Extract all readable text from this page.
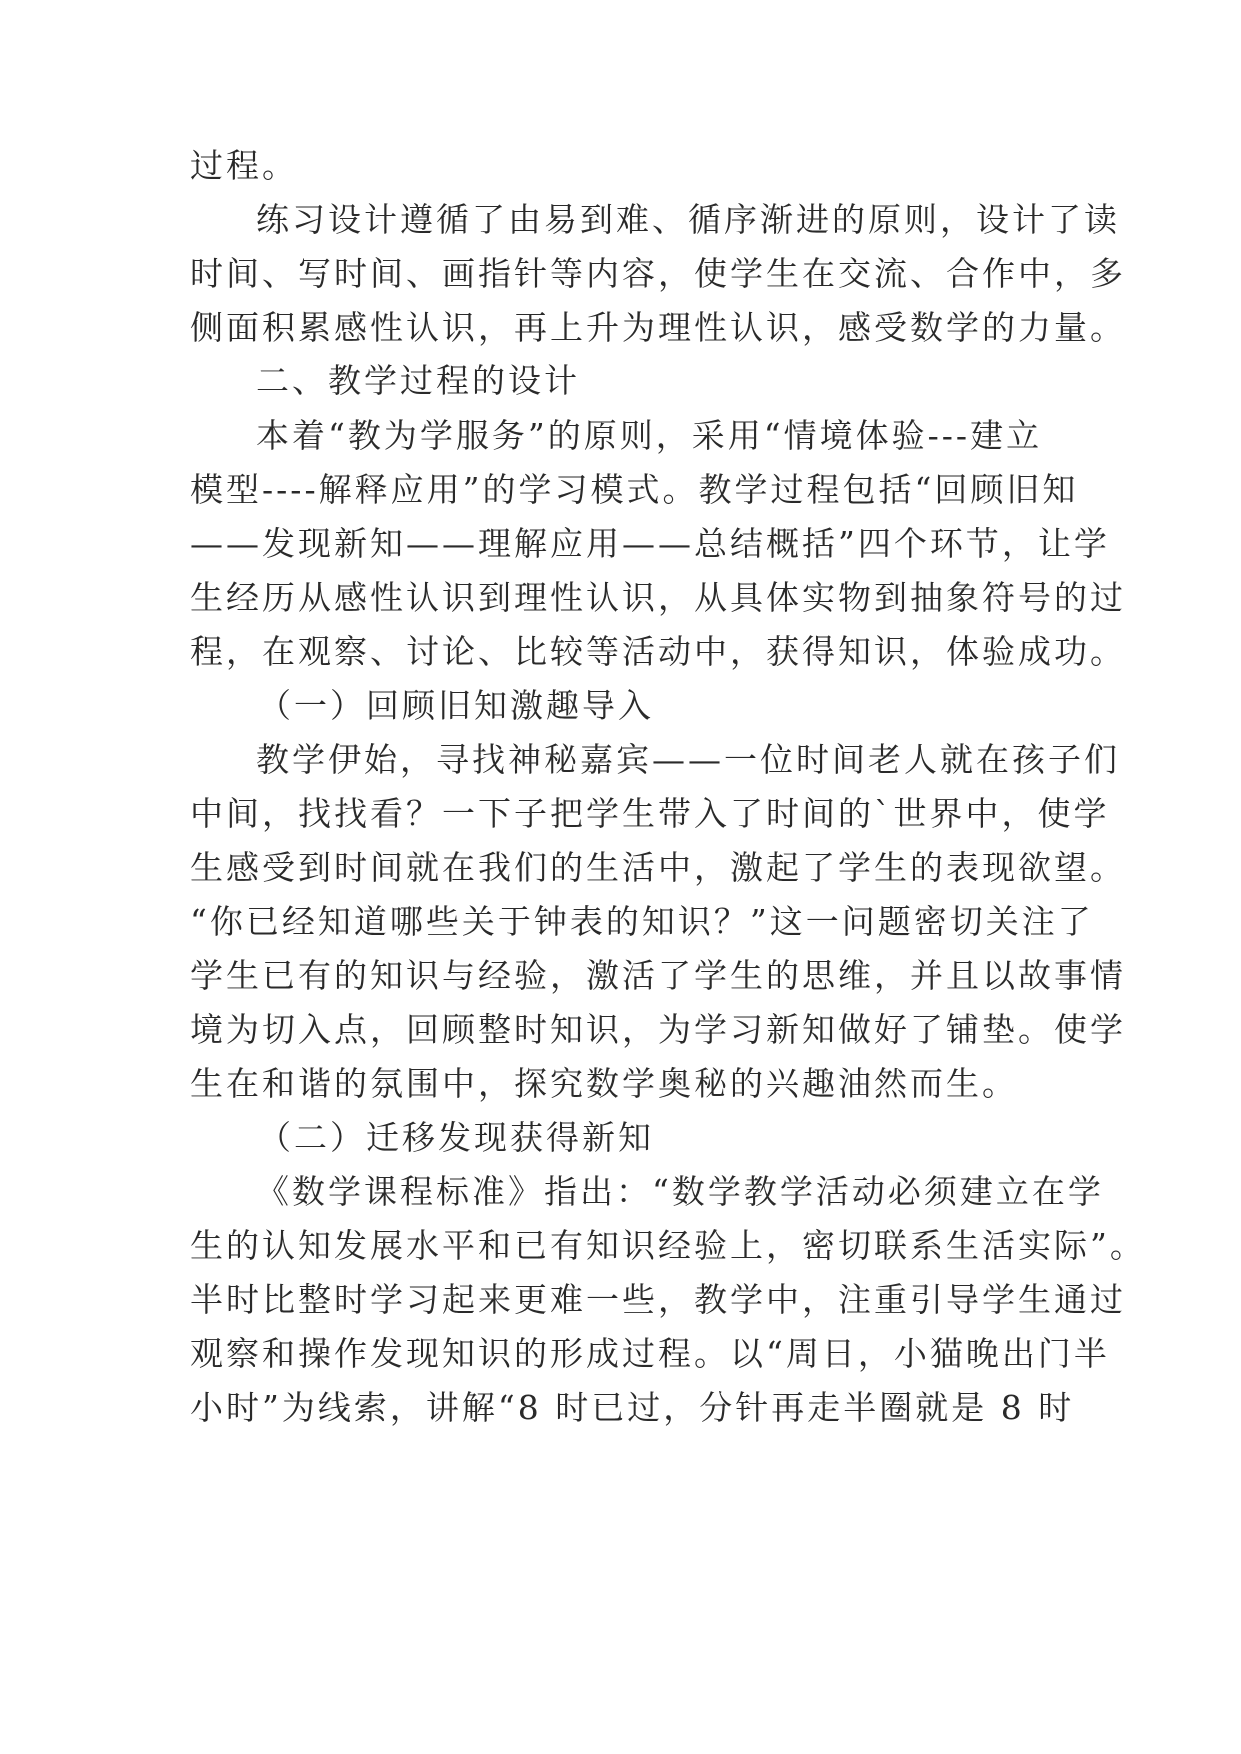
过程。
练习设计遵循了由易到难、循序渐进的原则，设计了读
时间、写时间、画指针等内容，使学生在交流、合作中，多
侧面积累感性认识，再上升为理性认识，感受数学的力量。
二、教学过程的设计
本着“教为学服务”的原则，采用“情境体验---建立
模型----解释应用”的学习模式。教学过程包括“回顾旧知
——发现新知——理解应用——总结概括”四个环节，让学
生经历从感性认识到理性认识，从具体实物到抽象符号的过
程，在观察、讨论、比较等活动中，获得知识，体验成功。
（一）回顾旧知激趣导入
教学伊始，寻找神秘嘉宾——一位时间老人就在孩子们
中间，找找看？一下子把学生带入了时间的`世界中，使学
生感受到时间就在我们的生活中，激起了学生的表现欲望。
“你已经知道哪些关于钟表的知识？”这一问题密切关注了
学生已有的知识与经验，激活了学生的思维，并且以故事情
境为切入点，回顾整时知识，为学习新知做好了铺垫。使学
生在和谐的氛围中，探究数学奥秘的兴趣油然而生。
（二）迁移发现获得新知
《数学课程标准》指出：“数学教学活动必须建立在学
生的认知发展水平和已有知识经验上，密切联系生活实际”。
半时比整时学习起来更难一些，教学中，注重引导学生通过
观察和操作发现知识的形成过程。以“周日，小猫晚出门半
小时”为线索，讲解“8 时已过，分针再走半圈就是 8 时
